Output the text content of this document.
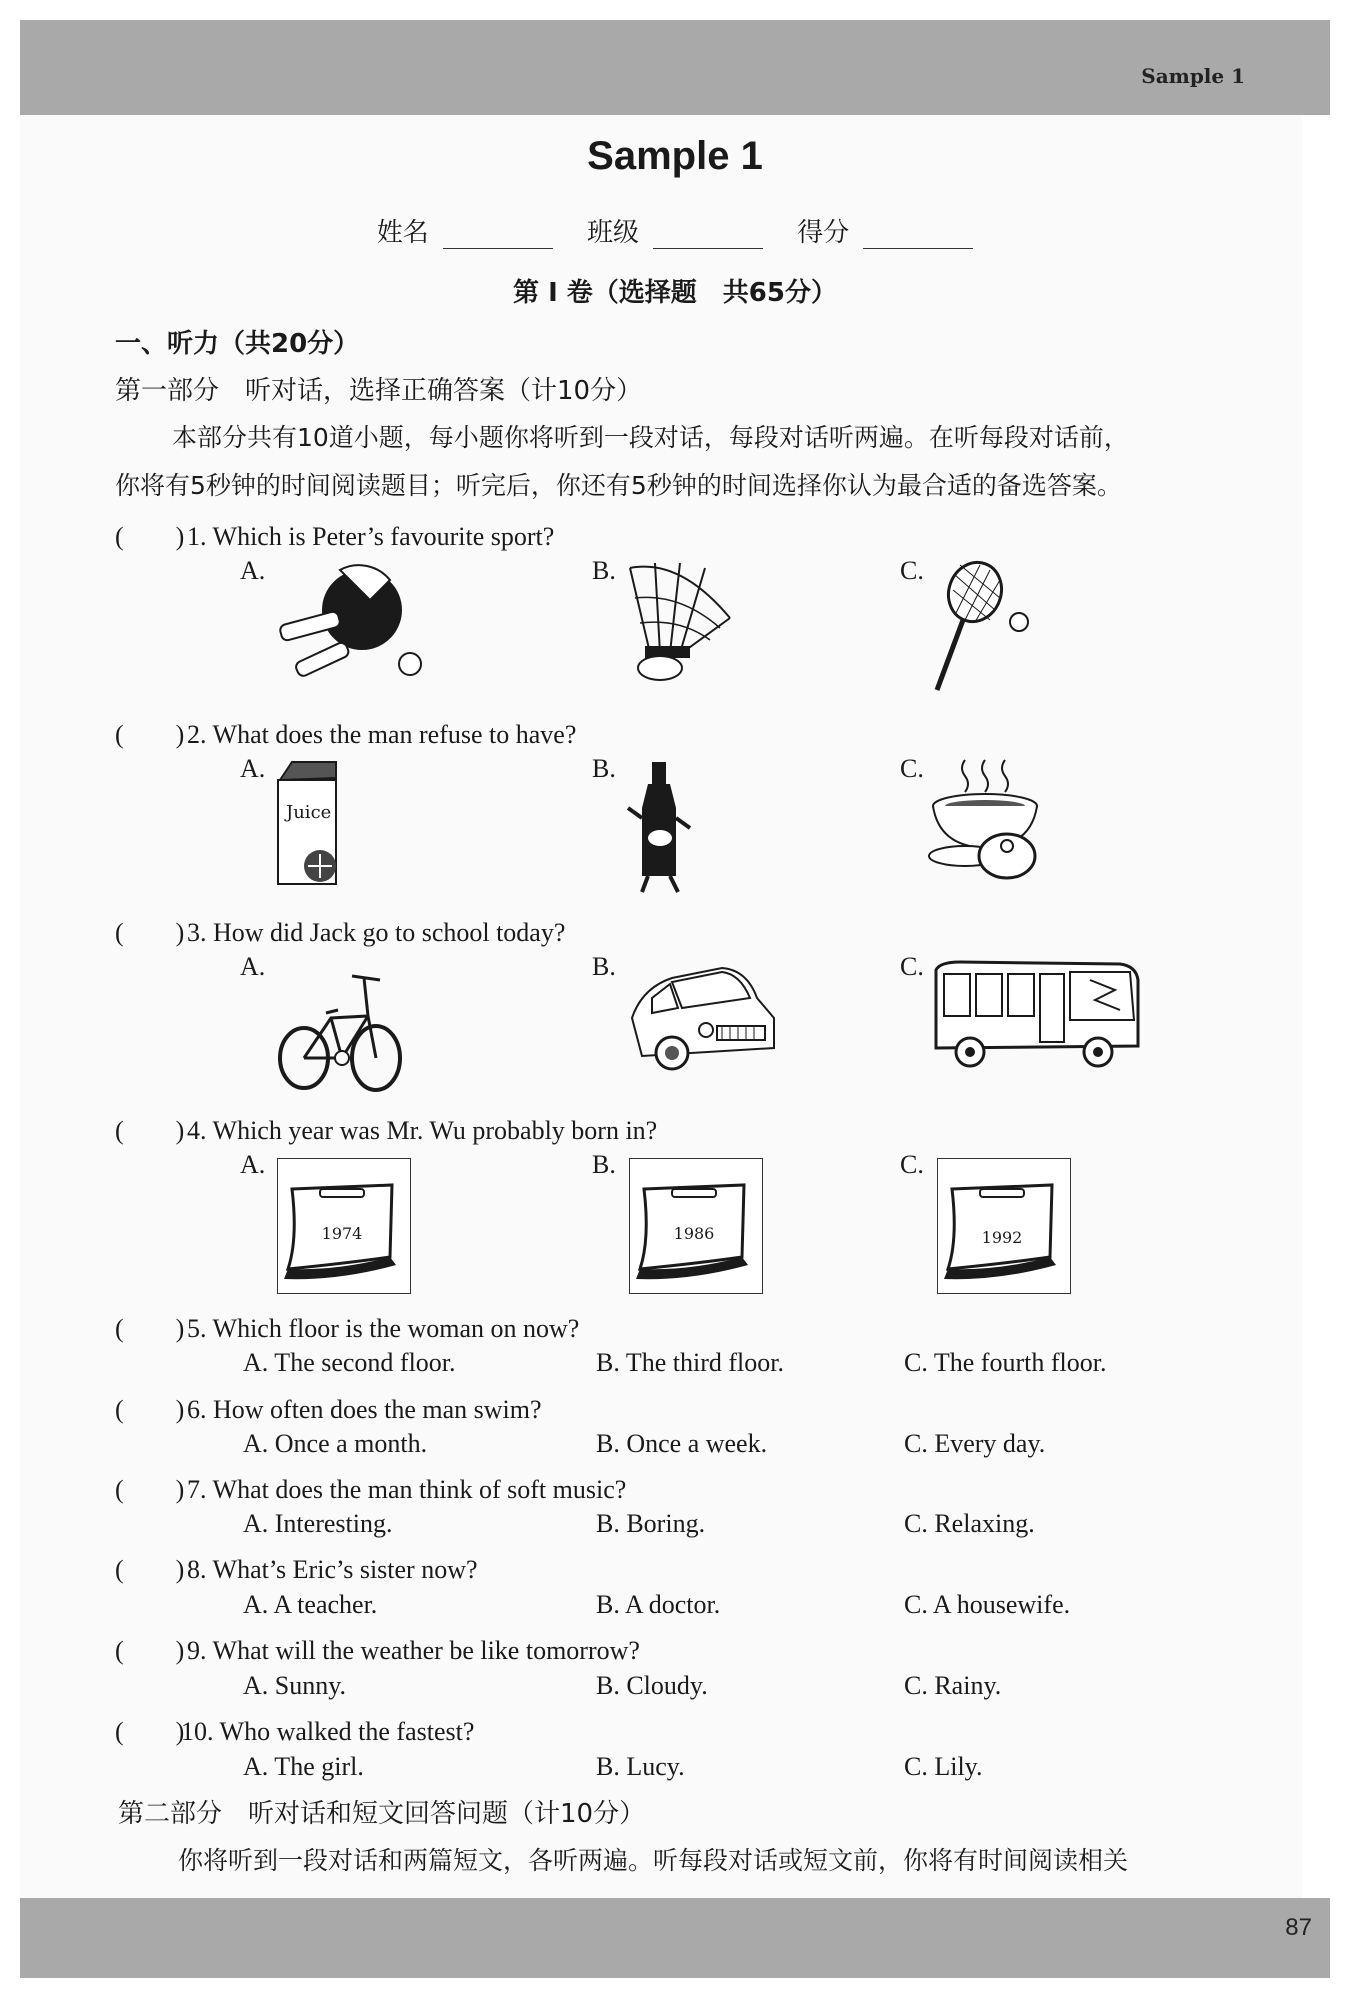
Sample 1
87
Sample 1
姓名	班级	得分
第 Ⅰ 卷（选择题　共65分）
一、听力（共20分）
第一部分　听对话，选择正确答案（计10分）
本部分共有10道小题，每小题你将听到一段对话，每段对话听两遍。在听每段对话前，
你将有5秒钟的时间阅读题目；听完后，你还有5秒钟的时间选择你认为最合适的备选答案。
(　　) 1. Which is Peter’s favourite sport?
A.	B.	C.
(　　) 2. What does the man refuse to have?
A.	B.	C.
Juice
(　　) 3. How did Jack go to school today?
A.	B.	C.
(　　) 4. Which year was Mr. Wu probably born in?
A.	B.	C.
1974	1986	1992
(　　) 5. Which floor is the woman on now?
A. The second floor.	B. The third floor.	C. The fourth floor.
(　　) 6. How often does the man swim?
A. Once a month.	B. Once a week.	C. Every day.
(　　) 7. What does the man think of soft music?
A. Interesting.	B. Boring.	C. Relaxing.
(　　) 8. What’s Eric’s sister now?
A. A teacher.	B. A doctor.	C. A housewife.
(　　) 9. What will the weather be like tomorrow?
A. Sunny.	B. Cloudy.	C. Rainy.
(　　)10. Who walked the fastest?
A. The girl.	B. Lucy.	C. Lily.
第二部分　听对话和短文回答问题（计10分）
你将听到一段对话和两篇短文，各听两遍。听每段对话或短文前，你将有时间阅读相关
